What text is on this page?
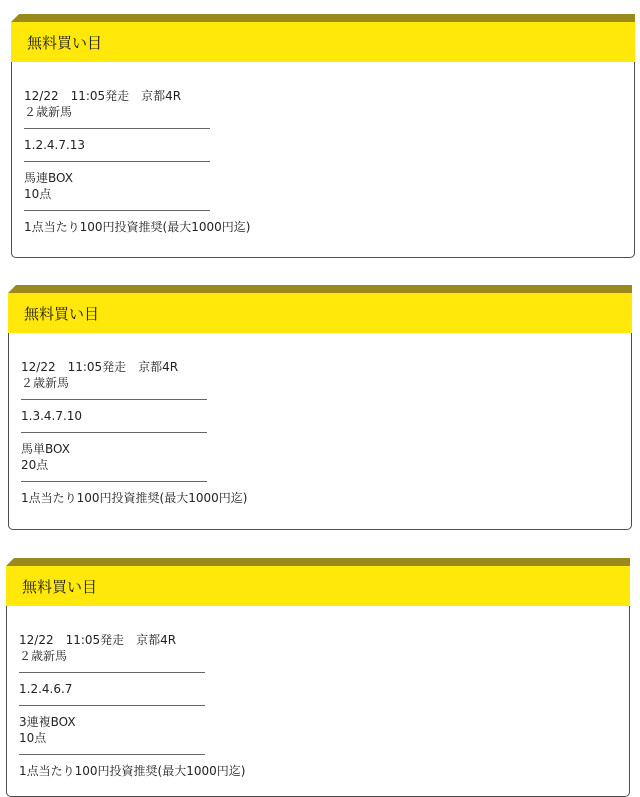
無料買い目
12/22　11:05発走　京都4R
２歳新馬
1.2.4.7.13
馬連BOX
10点
1点当たり100円投資推奨(最大1000円迄)
無料買い目
12/22　11:05発走　京都4R
２歳新馬
1.3.4.7.10
馬単BOX
20点
1点当たり100円投資推奨(最大1000円迄)
無料買い目
12/22　11:05発走　京都4R
２歳新馬
1.2.4.6.7
3連複BOX
10点
1点当たり100円投資推奨(最大1000円迄)
